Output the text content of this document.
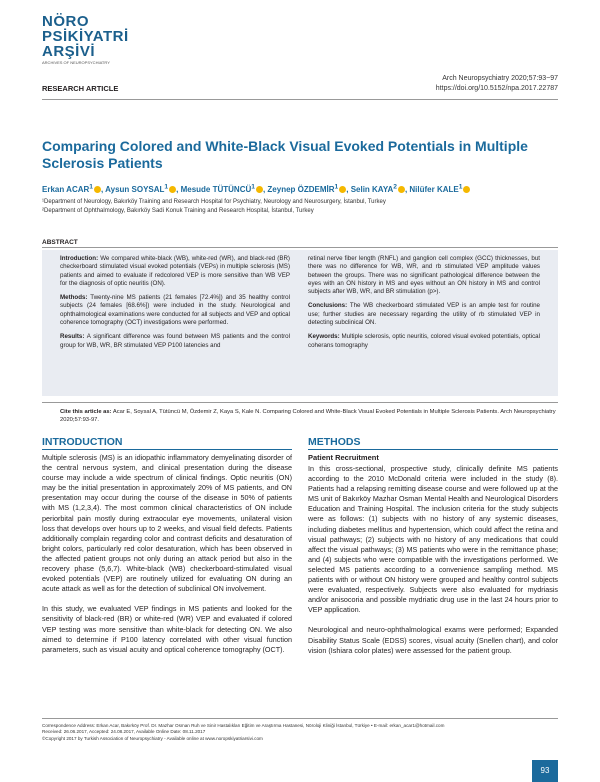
NÖRO
PSİKİYATRİ
ARŞİVİ
ARCHIVES OF NEUROPSYCHIATRY
Arch Neuropsychiatry 2020;57:93−97
https://doi.org/10.5152/npa.2017.22787
RESEARCH ARTICLE
Comparing Colored and White-Black Visual Evoked Potentials in Multiple Sclerosis Patients
Erkan ACAR$^1$ , Aysun SOYSAL$^1$ , Mesude TÜTÜNCÜ$^1$ , Zeynep ÖZDEMİR$^1$ , Selin KAYA$^2$ , Nilüfer KALE$^1$
¹Department of Neurology, Bakırköy Training and Research Hospital for Psychiatry, Neurology and Neurosurgery, İstanbul, Turkey
²Department of Ophthalmology, Bakırköy Sadi Konuk Training and Research Hospital, İstanbul, Turkey
ABSTRACT

Introduction: We compared white-black (WB), white-red (WR), and black-red (BR) checkerboard stimulated visual evoked potentials (VEPs) in multiple sclerosis (MS) patients and aimed to evaluate if redcolored VEP is more sensitive than WB VEP for the diagnosis of optic neuritis (ON).

Methods: Twenty-nine MS patients (21 females [72.4%]) and 35 healthy control subjects (24 females [68.6%]) were included in the study. Neurological and ophthalmological examinations were conducted for all subjects and VEP and optical coherence tomography (OCT) investigations were performed.

Results: A significant difference was found between MS patients and the control group for WB, WR, BR stimulated VEP P100 latencies and

retinal nerve fiber length (RNFL) and ganglion cell complex (GCC) thicknesses, but there was no difference for WB, WR, and rb stimulated VEP amplitude values between the groups. There was no significant pathological difference between the eyes with an ON history in MS and eyes without an ON history in MS and control subjects after WB, WR, and BR stimulation (p>).

Conclusions: The WB checkerboard stimulated VEP is an ample test for routine use; further studies are necessary regarding the utility of rb stimulated VEP in detecting subclinical ON.

Keywords: Multiple sclerosis, optic neuritis, colored visual evoked potentials, optical coherans tomography

Cite this article as: Acar E, Soysal A, Tütüncü M, Özdemir Z, Kaya S, Kale N. Comparing Colored and White-Black Visual Evoked Potentials in Multiple Sclerosis Patients. Arch Neuropsychiatry 2020;57:93-97.
INTRODUCTION

Multiple sclerosis (MS) is an idiopathic inflammatory demyelinating disorder of the central nervous system, and clinical presentation during the disease course may include a wide spectrum of clinical findings. Optic neuritis (ON) may be the initial presentation in approximately 20% of MS patients, and ON presentation may occur during the course of the disease in 50% of patients with MS (1,2,3,4). The most common clinical characteristics of ON include periorbital pain mostly during extraocular eye movements, unilateral vision loss that develops over hours up to 2 weeks, and visual field defects. Patients additionally complain regarding color and contrast deficits and desaturation of bright colors, particularly red color desaturation, which has been observed in the affected patient groups not only during an attack period but also in the recovery phase (5,6,7). White-black (WB) checkerboard-stimulated visual evoked potentials (VEP) are routinely utilized for evaluating ON during an acute attack as well as for the detection of subclinical ON involvement.

In this study, we evaluated VEP findings in MS patients and looked for the sensitivity of black-red (BR) or white-red (WR) VEP and evaluated if colored VEP testing was more sensitive than white-black for detecting ON. We also aimed to determine if P100 latency correlated with other visual function parameters, such as visual acuity and optical coherence tomography (OCT).

METHODS
Patient Recruitment

In this cross-sectional, prospective study, clinically definite MS patients according to the 2010 McDonald criteria were included in the study (8). Patients had a relapsing remitting disease course and were followed up at the MS unit of Bakırköy Mazhar Osman Mental Health and Neurological Disorders Education and Training Hospital. The inclusion criteria for the study subjects were as follows: (1) subjects with no history of any systemic diseases, including diabetes mellitus and hypertension, which could affect the retina and visual pathways; (2) subjects with no history of any medications that could affect the visual pathways; (3) MS patients who were in the remittance phase; and (4) subjects who were compatible with the investigations performed. We selected MS patients according to a convenience sampling method. MS patients with or without ON history were grouped and healthy control subjects were evaluated, respectively. Subjects were also evaluated for mydriasis and/or anisocoria and possible mydriatic drug use in the last 24 hours prior to VEP application.

Neurological and neuro-ophthalmological exams were performed; Expanded Disability Status Scale (EDSS) scores, visual acuity (Snellen chart), and color vision (Ishiara color plates) were assessed for the patient group.

Correspondence Address: Erkan Acar, Bakırköy Prof. Dr. Mazhar Osman Ruh ve Sinir Hastalıkları Eğitim ve Araştırma Hastanesi, Nöroloji Kliniği İstanbul, Türkiye • E-mail: erkan_acar1@hotmail.com
Received: 26.06.2017, Accepted: 24.08.2017, Available Online Date: 08.11.2017
©Copyright 2017 by Turkish Association of Neuropsychiatry - Available online at www.noropskiyatriarsivi.com
93
